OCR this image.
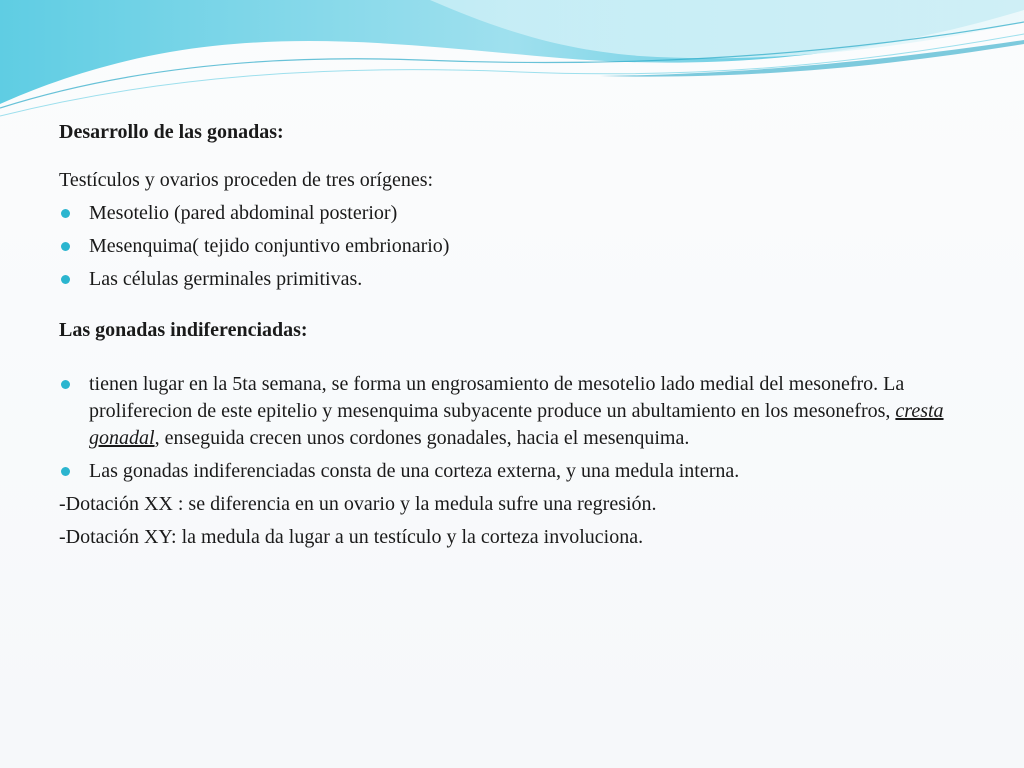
Desarrollo de las gonadas:

Testículos y ovarios proceden de tres orígenes:

Mesotelio (pared abdominal posterior)
Mesenquima( tejido conjuntivo embrionario)
Las células germinales primitivas.

Las gonadas indiferenciadas:

tienen lugar en la 5ta semana, se forma un engrosamiento de mesotelio lado medial del mesonefro. La proliferecion de este epitelio y mesenquima subyacente produce un abultamiento en los mesonefros, cresta gonadal, enseguida crecen unos cordones gonadales, hacia el mesenquima.
Las gonadas indiferenciadas consta de una corteza externa, y una medula interna.

-Dotación XX : se diferencia en un ovario y la medula sufre una regresión.

-Dotación XY: la medula da lugar a un testículo y la corteza involuciona.
